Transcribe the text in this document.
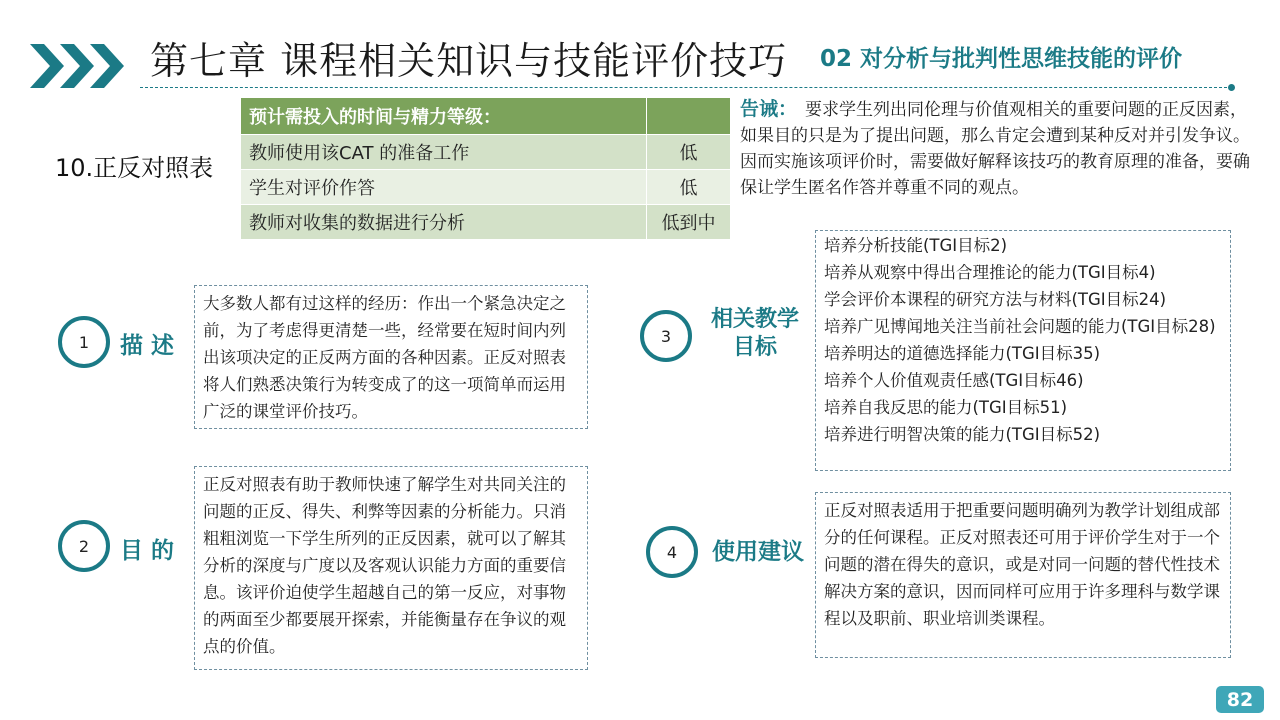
第七章 课程相关知识与技能评价技巧 02 对分析与批判性思维技能的评价
10.正反对照表
预计需投入的时间与精力等级：	
教师使用该CAT 的准备工作	低
学生对评价作答	低
教师对收集的数据进行分析	低到中
告诫： 要求学生列出同伦理与价值观相关的重要问题的正反因素，如果目的只是为了提出问题，那么肯定会遭到某种反对并引发争议。因而实施该项评价时，需要做好解释该技巧的教育原理的准备，要确保让学生匿名作答并尊重不同的观点。
1 描 述
大多数人都有过这样的经历：作出一个紧急决定之前，为了考虑得更清楚一些，经常要在短时间内列出该项决定的正反两方面的各种因素。正反对照表将人们熟悉决策行为转变成了的这一项简单而运用广泛的课堂评价技巧。
2 目 的
正反对照表有助于教师快速了解学生对共同关注的问题的正反、得失、利弊等因素的分析能力。只消粗粗浏览一下学生所列的正反因素，就可以了解其分析的深度与广度以及客观认识能力方面的重要信息。该评价迫使学生超越自己的第一反应，对事物的两面至少都要展开探索，并能衡量存在争议的观点的价值。
3
相关教学
目标
培养分析技能(TGI目标2)
培养从观察中得出合理推论的能力(TGI目标4)
学会评价本课程的研究方法与材料(TGI目标24)
培养广见博闻地关注当前社会问题的能力(TGI目标28)
培养明达的道德选择能力(TGI目标35)
培养个人价值观责任感(TGI目标46)
培养自我反思的能力(TGI目标51)
培养进行明智决策的能力(TGI目标52)
4 使用建议
正反对照表适用于把重要问题明确列为教学计划组成部分的任何课程。正反对照表还可用于评价学生对于一个问题的潜在得失的意识，或是对同一问题的替代性技术解决方案的意识，因而同样可应用于许多理科与数学课程以及职前、职业培训类课程。
82
